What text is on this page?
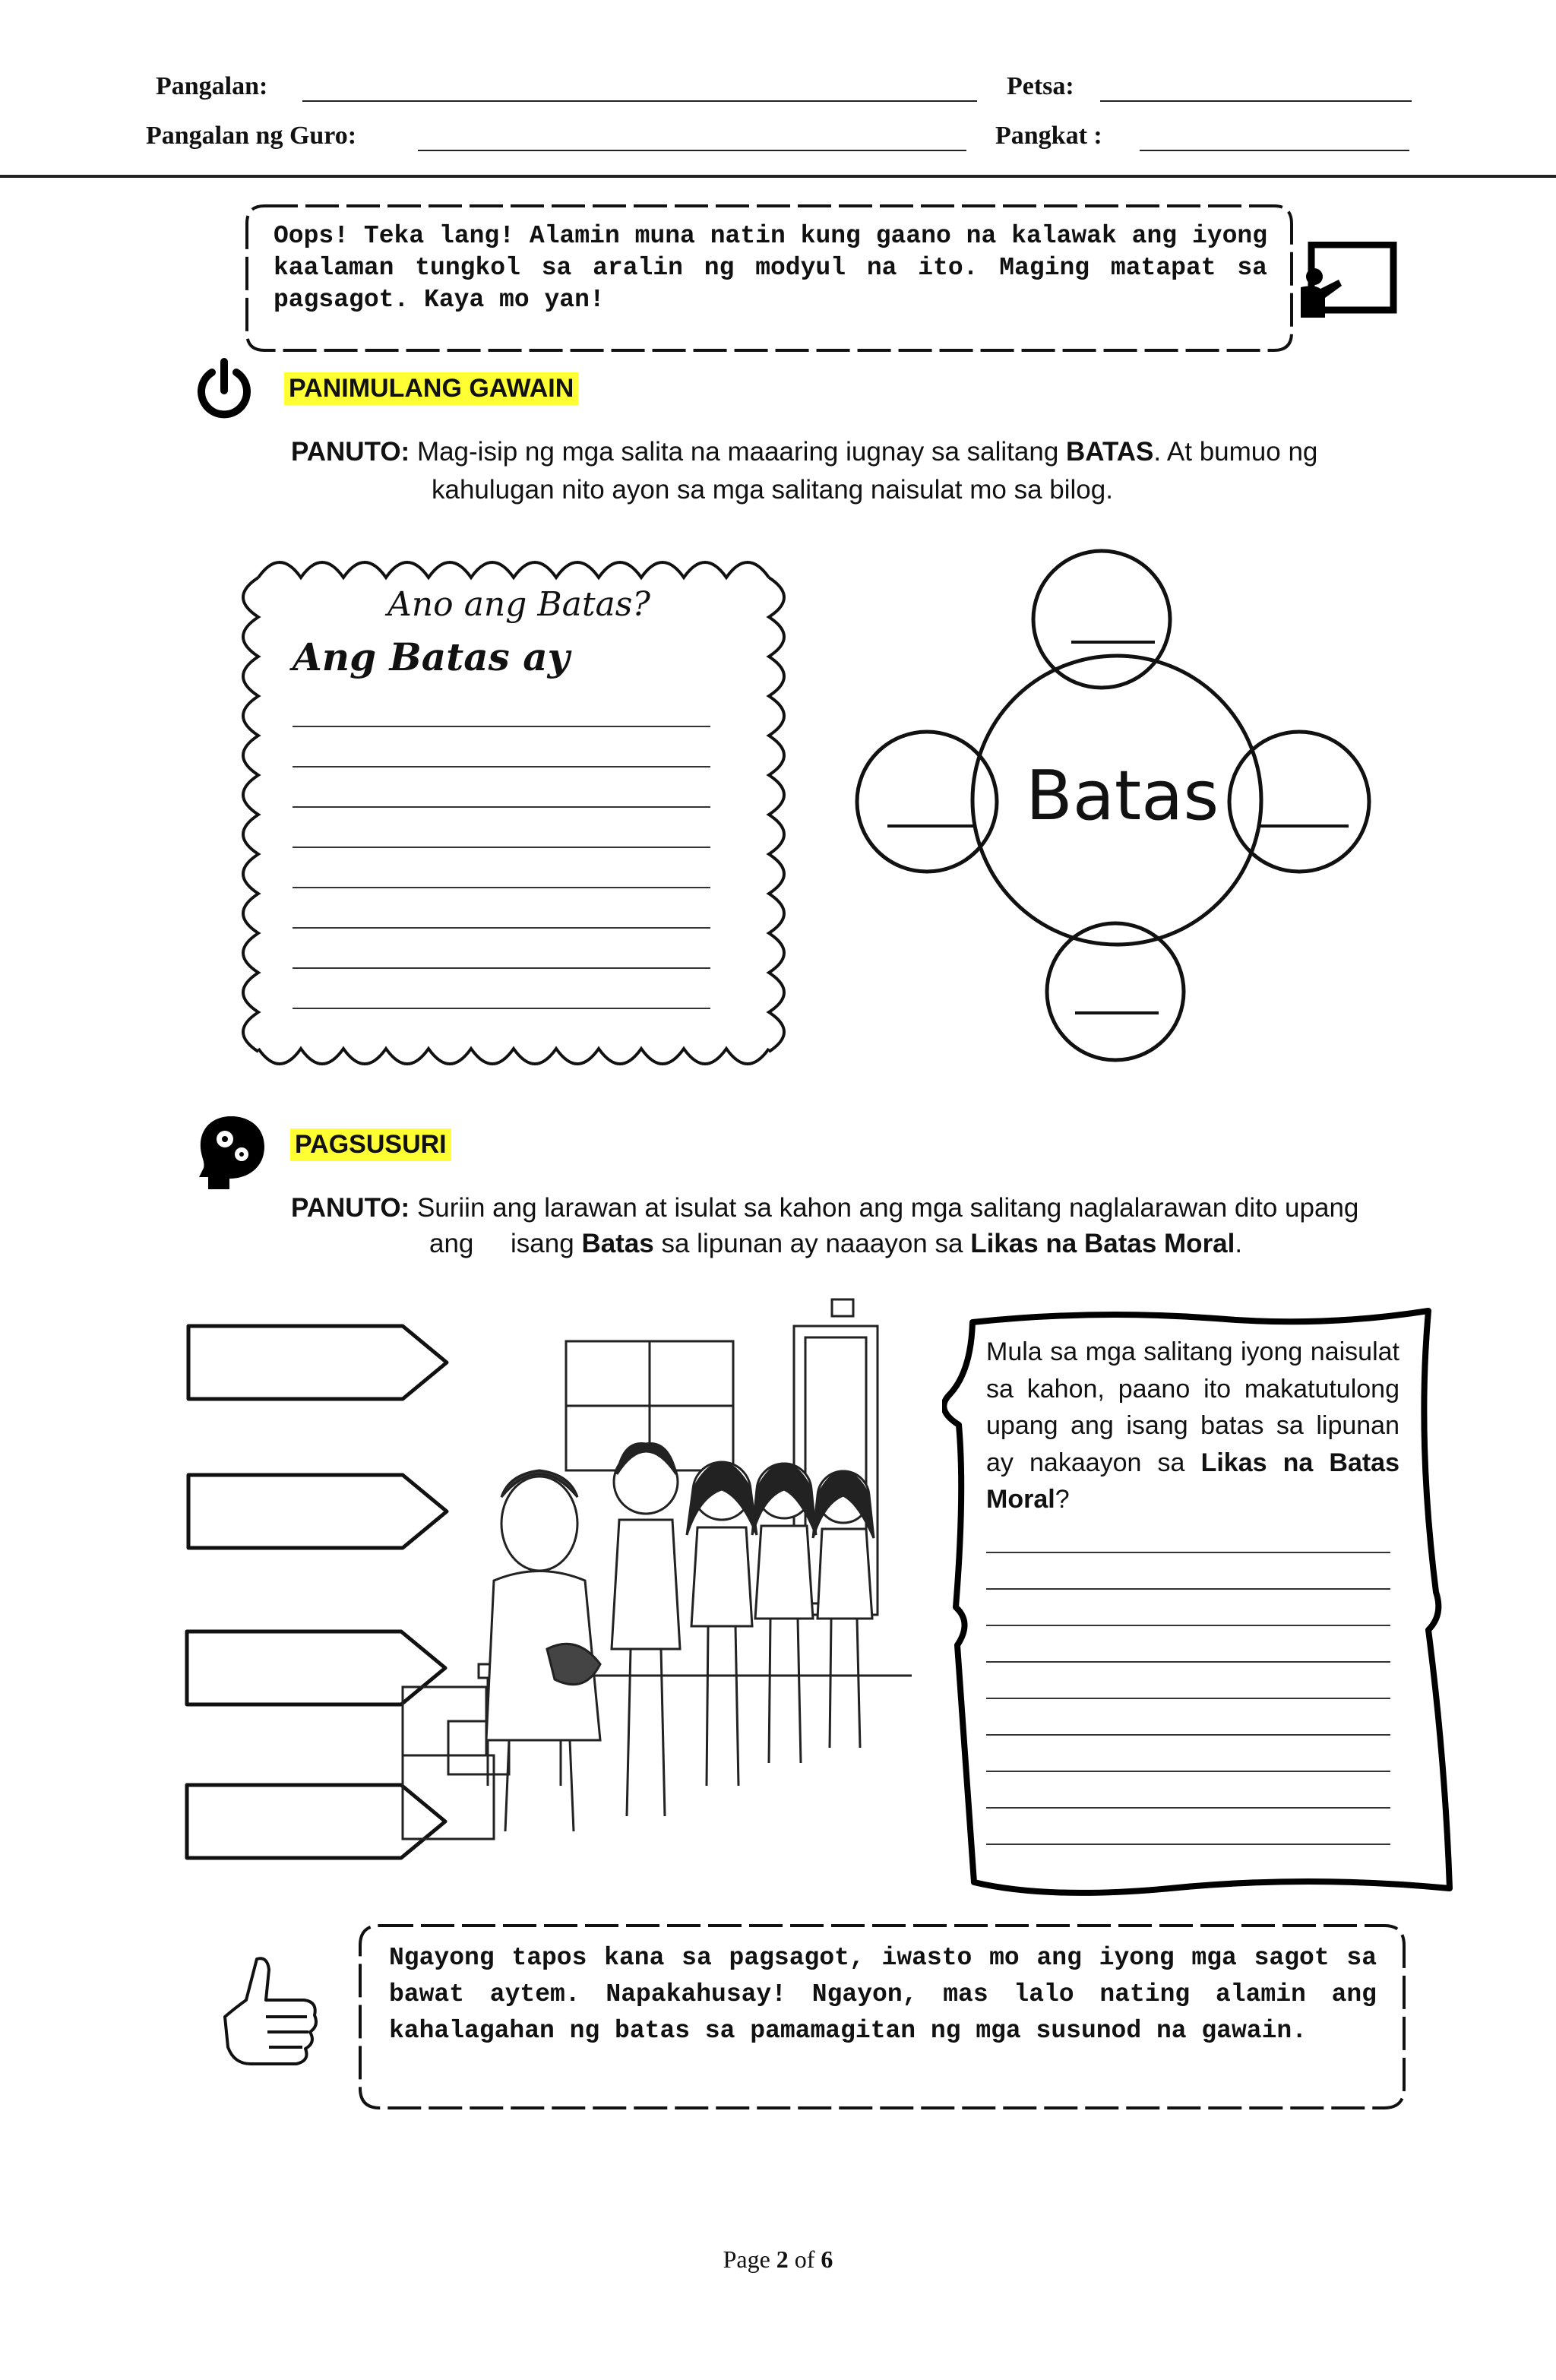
Pangalan:	Petsa:
Pangalan ng Guro:	Pangkat :
Oops! Teka lang! Alamin muna natin kung gaano na kalawak ang iyong kaalaman tungkol sa aralin ng modyul na ito. Maging matapat sa pagsagot. Kaya mo yan!
PANIMULANG GAWAIN
PANUTO: Mag-isip ng mga salita na maaaring iugnay sa salitang BATAS. At bumuo ng
kahulugan nito ayon sa mga salitang naisulat mo sa bilog.
Ano ang Batas?
Ang Batas ay
Batas
PAGSUSURI
PANUTO: Suriin ang larawan at isulat sa kahon ang mga salitang naglalarawan dito upang
ang isang Batas sa lipunan ay naaayon sa Likas na Batas Moral.
Mula sa mga salitang iyong naisulat sa kahon, paano ito makatutulong upang ang isang batas sa lipunan ay nakaayon sa Likas na Batas Moral?
Ngayong tapos kana sa pagsagot, iwasto mo ang iyong mga sagot sa bawat aytem. Napakahusay! Ngayon, mas lalo nating alamin ang kahalagahan ng batas sa pamamagitan ng mga susunod na gawain.
Page 2 of 6
